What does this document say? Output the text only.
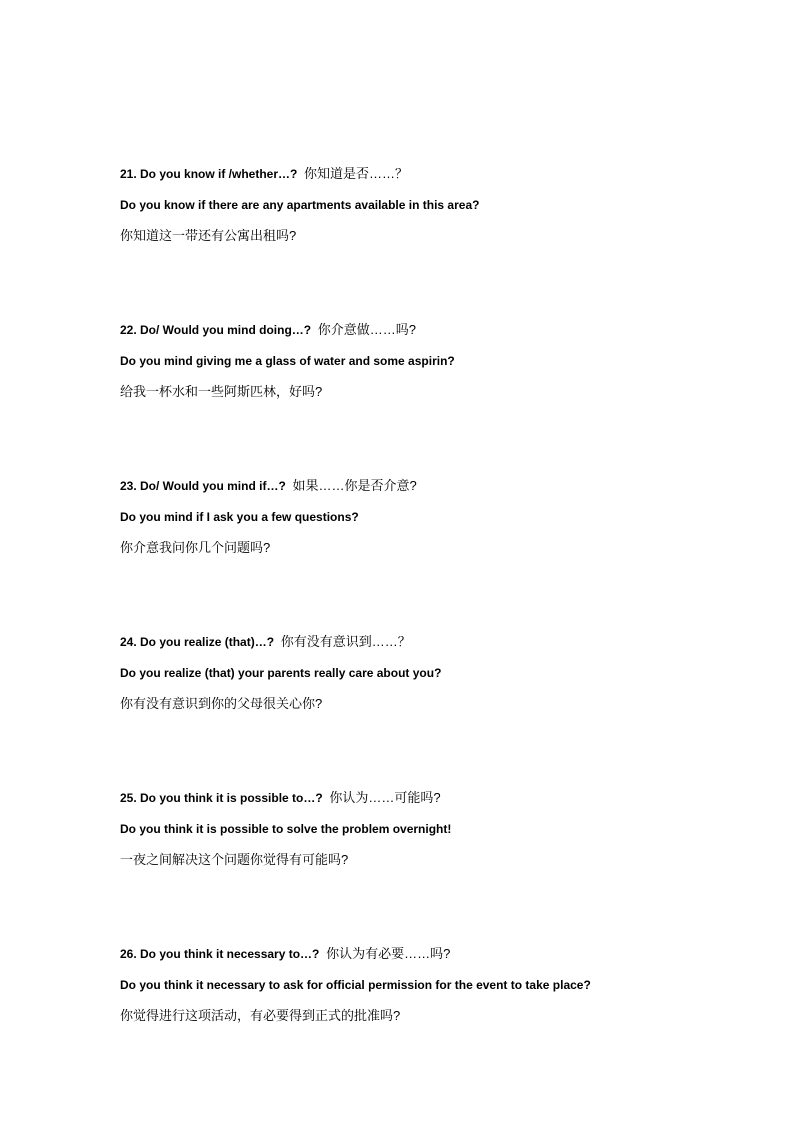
21. Do you know if /whether…? 你知道是否……？
Do you know if there are any apartments available in this area?
你知道这一带还有公寓出租吗?
22. Do/ Would you mind doing…? 你介意做……吗?
Do you mind giving me a glass of water and some aspirin?
给我一杯水和一些阿斯匹林，好吗?
23. Do/ Would you mind if…? 如果……你是否介意?
Do you mind if I ask you a few questions?
你介意我问你几个问题吗?
24. Do you realize (that)…? 你有没有意识到……？
Do you realize (that) your parents really care about you?
你有没有意识到你的父母很关心你?
25. Do you think it is possible to…? 你认为……可能吗?
Do you think it is possible to solve the problem overnight!
一夜之间解决这个问题你觉得有可能吗?
26. Do you think it necessary to…? 你认为有必要……吗?
Do you think it necessary to ask for official permission for the event to take place?
你觉得进行这项活动，有必要得到正式的批准吗?
